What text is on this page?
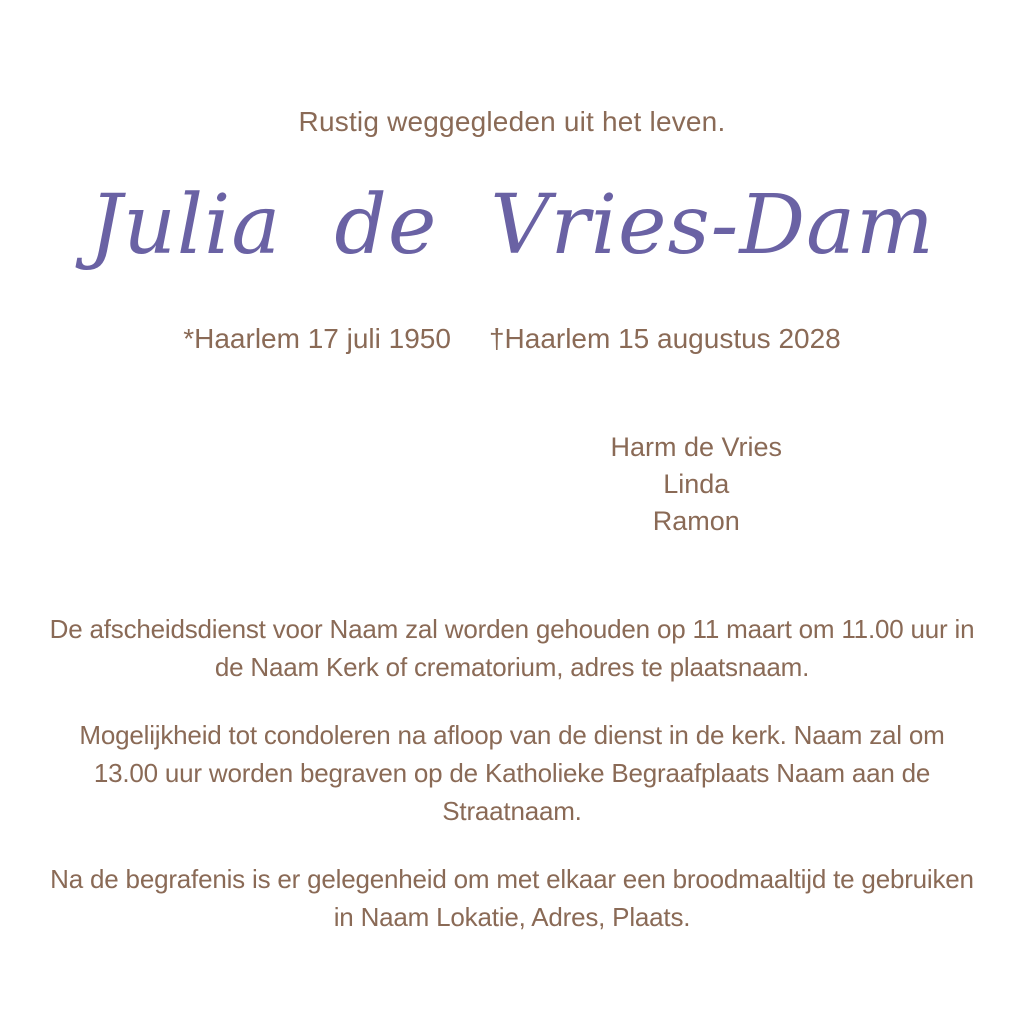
Rustig weggegleden uit het leven.
Julia de Vries-Dam
*Haarlem 17 juli 1950 †Haarlem 15 augustus 2028
Harm de Vries
Linda
Ramon
De afscheidsdienst voor Naam zal worden gehouden op 11 maart om 11.00 uur in
de Naam Kerk of crematorium, adres te plaatsnaam.
Mogelijkheid tot condoleren na afloop van de dienst in de kerk. Naam zal om
13.00 uur worden begraven op de Katholieke Begraafplaats Naam aan de
Straatnaam.
Na de begrafenis is er gelegenheid om met elkaar een broodmaaltijd te gebruiken
in Naam Lokatie, Adres, Plaats.
